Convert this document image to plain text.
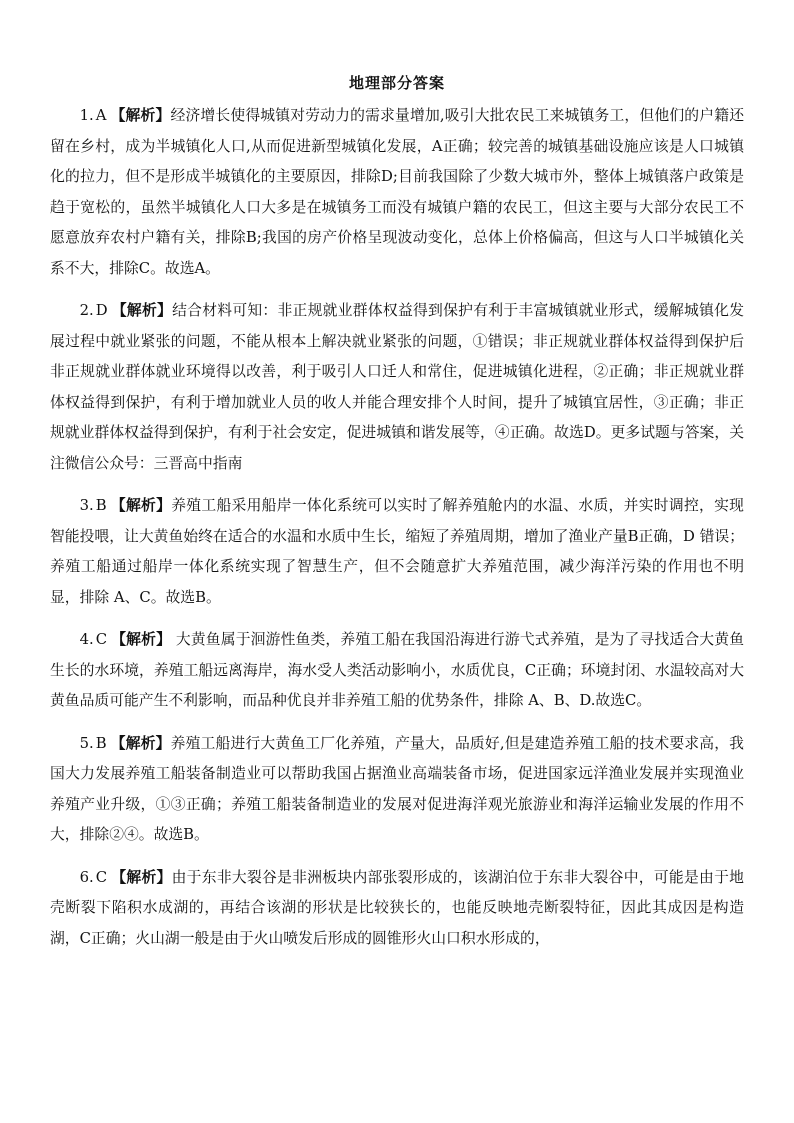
地理部分答案

1. A 【解析】经济增长使得城镇对劳动力的需求量增加,吸引大批农民工来城镇务工，但他们的户籍还留在乡村，成为半城镇化人口,从而促进新型城镇化发展，A正确；较完善的城镇基础设施应该是人口城镇化的拉力，但不是形成半城镇化的主要原因，排除D;目前我国除了少数大城市外，整体上城镇落户政策是趋于宽松的，虽然半城镇化人口大多是在城镇务工而没有城镇户籍的农民工，但这主要与大部分农民工不愿意放弃农村户籍有关，排除B;我国的房产价格呈现波动变化，总体上价格偏高，但这与人口半城镇化关系不大，排除C。故选A。

2. D 【解析】结合材料可知：非正规就业群体权益得到保护有利于丰富城镇就业形式，缓解城镇化发展过程中就业紧张的问题，不能从根本上解决就业紧张的问题，①错误；非正规就业群体权益得到保护后非正规就业群体就业环境得以改善，利于吸引人口迁人和常住，促进城镇化进程，②正确；非正规就业群体权益得到保护，有利于增加就业人员的收人并能合理安排个人时间，提升了城镇宜居性，③正确；非正规就业群体权益得到保护，有利于社会安定，促进城镇和谐发展等，④正确。故选D。更多试题与答案，关注微信公众号：三晋高中指南

3. B 【解析】养殖工船采用船岸一体化系统可以实时了解养殖舱内的水温、水质，并实时调控，实现智能投喂，让大黄鱼始终在适合的水温和水质中生长，缩短了养殖周期，增加了渔业产量B正确，D 错误；养殖工船通过船岸一体化系统实现了智慧生产，但不会随意扩大养殖范围，减少海洋污染的作用也不明显，排除 A、C。故选B。

4. C 【解析】 大黄鱼属于洄游性鱼类，养殖工船在我国沿海进行游弋式养殖，是为了寻找适合大黄鱼生长的水环境，养殖工船远离海岸，海水受人类活动影响小，水质优良，C正确；环境封闭、水温较高对大黄鱼品质可能产生不利影响，而品种优良并非养殖工船的优势条件，排除 A、B、D.故选C。

5. B 【解析】养殖工船进行大黄鱼工厂化养殖，产量大，品质好,但是建造养殖工船的技术要求高，我国大力发展养殖工船装备制造业可以帮助我国占据渔业高端装备市场，促进国家远洋渔业发展并实现渔业养殖产业升级，①③正确；养殖工船装备制造业的发展对促进海洋观光旅游业和海洋运输业发展的作用不大，排除②④。故选B。

6. C 【解析】由于东非大裂谷是非洲板块内部张裂形成的，该湖泊位于东非大裂谷中，可能是由于地壳断裂下陷积水成湖的，再结合该湖的形状是比较狭长的，也能反映地壳断裂特征，因此其成因是构造湖，C正确；火山湖一般是由于火山喷发后形成的圆锥形火山口积水形成的，
